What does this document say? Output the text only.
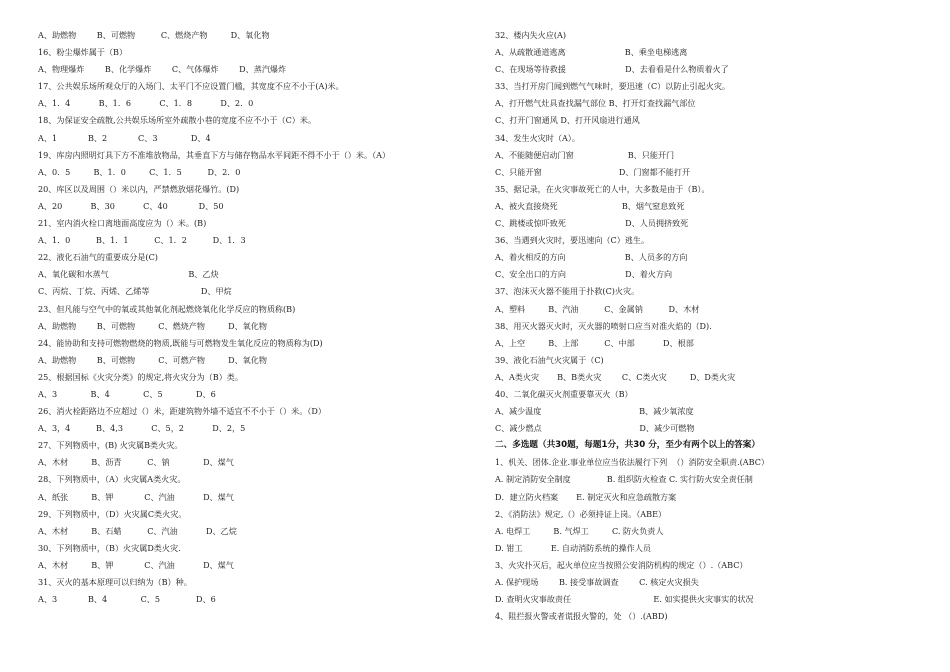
A、助燃物        B、可燃物          C、燃烧产物         D、氧化物
16、粉尘爆炸属于（B）
A、物理爆炸        B、化学爆炸        C、气体爆炸        D、蒸汽爆炸
17、公共娱乐场所观众厅的入场门、太平门不应设置门槛，其宽度不应不小于(A)米。
A、1．4           B、1．6           C、1．8           D、2．0
18、为保证安全疏散,公共娱乐场所室外疏散小巷的宽度不应不小于（C）米。
A、1            B、2            C、3             D、4
19、库房内照明灯具下方不准堆放物品，其垂直下方与储存物品水平间距不得不小于（）米。（A）
A、0．5         B、1．0         C、1．5          D、2．0
20、库区以及周围（）米以内，严禁燃放烟花爆竹。(D)
A、20           B、30           C、40            D、50
21、室内消火栓口离地面高度应为（）米。(B)
A、1．0          B、1．1          C、1．2          D、1．3
22、液化石油气的重要成分是(C)
A、氧化碳和水蒸气                               B、乙炔
C、丙烷、丁烷、丙烯、乙烯等                    D、甲烷
23、但凡能与空气中的氧或其他氧化剂起燃烧氧化化学反应的物质称(B)
A、助燃物        B、可燃物         C、燃烧产物         D、氧化物
24、能协助和支持可燃物燃烧的物质,既能与可燃物发生氧化反应的物质称为(D)
A、助燃物        B、可燃物         C、可燃产物         D、氧化物
25、根据国标《火灾分类》的规定,将火灾分为（B）类。
A、3             B、4             C、5             D、6
26、消火栓距路边不应超过（）米，距建筑物外墙不适宜不不小于（）米。（D）
A、3，4          B、4,3           C、5，2           D、2，5
27、下列物质中，(B) 火灾属B类火灾。
A、木材         B、沥青          C、钠             D、煤气
28、下列物质中，（A）火灾属A类火灾。
A、纸张         B、钾            C、汽油           D、煤气
29、下列物质中，（D）火灾属C类火灾。
A、木材         B、石蜡          C、汽油           D、乙烷
30、下列物质中，（B）火灾属D类火灾.
A、木材         B、钾            C、汽油           D、煤气
31、灭火的基本原理可以归纳为（B）种。
A、3            B、4             C、5              D、6
32、楼内失火应(A)
A、从疏散通道逃离                       B、乘坐电梯逃离
C、在现场等待救援                       D、去看看是什么物质着火了
33、当打开房门闻到燃气气味时，要迅速（C）以防止引起火灾。
A、打开燃气灶具查找漏气部位 B、打开灯查找漏气部位
C、打开门窗通风 D、打开风扇进行通风
34、发生火灾时（A）。
A、不能随便启动门窗                     B、只能开门
C、只能开窗                              D、门窗都不能打开
35、据记录，在火灾事故死亡的人中，大多数是由于（B）。
A、被火直接烧死                         B、烟气窒息致死
C、跳楼或惊吓致死                       D、人员拥挤致死
36、当遇到火灾时，要迅速向（C）逃生。
A、着火相反的方向                       B、人员多的方向
C、安全出口的方向                       D、着火方向
37、泡沫灭火器不能用于扑救(C)火灾。
A、塑料         B、汽油          C、金属钠          D、木材
38、用灭火器灭火时，灭火器的喷射口应当对准火焰的（D).
A、上空         B、上部          C、中部           D、根部
39、液化石油气火灾属于（C)
A、A类火灾       B、B类火灾        C、C类火灾         D、D类火灾
40、二氧化碳灭火剂重要靠灭火（B）
A、减少温度                                      B、减少氧浓度
C、减少燃点                                      D、减少可燃物
二、多选题（共30题，每题1分，共30 分，至少有两个以上的答案）
1、机关、团体.企业.事业单位应当依法履行下列  （）消防安全职责.(ABC）
A. 制定消防安全制度              B. 组织防火检查 C. 实行防火安全责任制
D．建立防火档案       E. 制定灭火和应急疏散方案
2、《消防法》规定,（）必须持证上岗。（ABE）
A. 电焊工         B. 气焊工         C. 防火负责人
D. 钳工           E. 自动消防系统的操作人员
3、火灾扑灭后，起火单位应当按照公安消防机构的规定（）.（ABC）
A. 保护现场        B. 接受事故调查        C. 核定火灾损失
D. 查明火灾事故责任                                E. 如实提供火灾事实的状况
4、阻拦报火警或者谎报火警的，处 （）.(ABD)
